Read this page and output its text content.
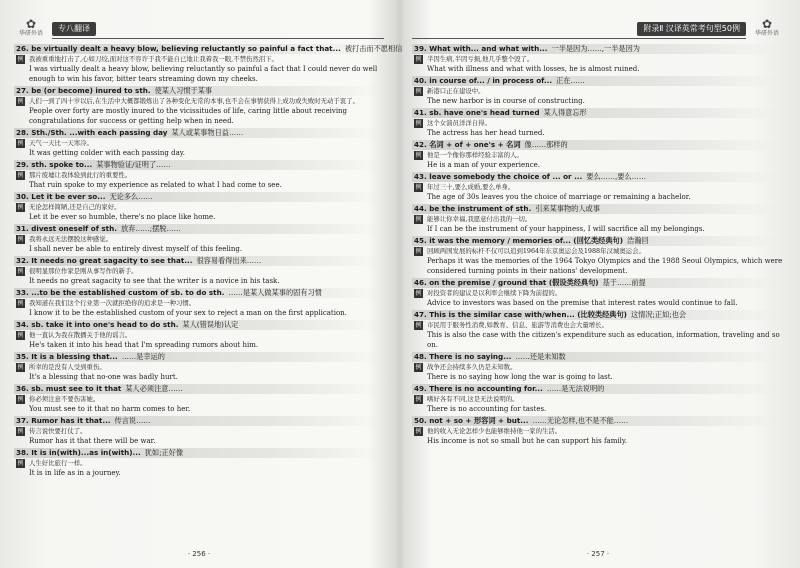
✿
华研外语
专八翻译
26. be virtually dealt a heavy blow, believing reluctantly so painful a fact that... 被打击而不愿相信
例 我被重重地打击了,心如刀绞,面对这不容许于我不能自已地让我着我一眼,不禁伤然泪下。
I was virtually dealt a heavy blow, believing reluctantly so painful a fact that I could never do well enough to win his favor, bitter tears streaming down my cheeks.
27. be (or become) inured to sth. 使某人习惯于某事
例 人们一到了四十岁以后,在生活中大概都锻炼出了各种变化无常的本事,也不会在事情获得上成功或失败时无动于衷了。
People over forty are mostly inured to the vicissitudes of life, caring little about receiving congratulations for success or getting help when in need.
28. Sth./Sth. ...with each passing day 某人或某事物日益……
例 天气一天比一天寒冷。
It was getting colder with each passing day.
29. sth. spoke to... 某事物验证/证明了……
例 那片废墟让我体验到此行的重要性。
That ruin spoke to my experience as related to what I had come to see.
30. Let it be ever so... 无论多么……
例 无论怎样简陋,还是自己的家好。
Let it be ever so humble, there's no place like home.
31. divest oneself of sth. 放弃……;摆脱……
例 我将永远无法摆脱这种感觉。
I shall never be able to entirely divest myself of this feeling.
32. It needs no great sagacity to see that... 很容易看得出来……
例 很明显那位作家是刚从事写作的新手。
It needs no great sagacity to see that the writer is a novice in his task.
33. ...to be the established custom of sb. to do sth. ……是某人做某事的固有习惯
例 我知道在我们这个行业第一次就拒绝你的追求是一种习惯。
I know it to be the established custom of your sex to reject a man on the first application.
34. sb. take it into one's head to do sth. 某人(错误地)认定
例 他一直认为我在散播关于他的谣言。
He's taken it into his head that I'm spreading rumors about him.
35. It is a blessing that... ……是幸运的
例 所幸的是没有人受到重伤。
It's a blessing that no-one was badly hurt.
36. sb. must see to it that 某人必须注意……
例 你必须注意不要伤害她。
You must see to it that no harm comes to her.
37. Rumor has it that... 传言说……
例 传言说快要打仗了。
Rumor has it that there will be war.
38. It is in(with)...as in(with)... 犹如;正好像
例 人生好比旅行一样。
It is in life as in a journey.
· 256 ·
✿
华研外语
附录Ⅱ 汉译英常考句型50例
39. What with... and what with... 一半是因为……,一半是因为
例 半因生病,半因亏损,他几乎整个毁了。
What with illness and what with losses, he is almost ruined.
40. in course of... / in process of... 正在……
例 新港口正在建设中。
The new harbor is in course of constructing.
41. sb. have one's head turned 某人得意忘形
例 这个女演员洋洋自得。
The actress has her head turned.
42. 名词 + of + one's + 名词 像……那样的
例 他是一个像你那样经验丰富的人。
He is a man of your experience.
43. leave somebody the choice of ... or ... 要么……,要么……
例 年过三十,要么成婚,要么单身。
The age of 30s leaves you the choice of marriage or remaining a bachelor.
44. be the instrument of sth. 引来某事物的人或事
例 能够让你幸福,我愿意付出我的一切。
If I can be the instrument of your happiness, I will sacrifice all my belongings.
45. it was the memory / memories of... (回忆类经典句) 浩瀚回
例 回顾两国发展的标杆不仅可以追到1964年东京奥运会及1988年汉城奥运会。
Perhaps it was the memories of the 1964 Tokyo Olympics and the 1988 Seoul Olympics, which were considered turning points in their nations' development.
46. on the premise / ground that (假设类经典句) 基于……前提
例 对投资者的建议是以利率会继续下降为前提的。
Advice to investors was based on the premise that interest rates would continue to fall.
47. This is the similar case with/when... (比较类经典句) 这情况;正如;也会
例 市民用于服务性消费,如教育、信息、旅游等消费也会大量增长。
This is also the case with the citizen's expenditure such as education, information, traveling and so on.
48. There is no saying... ……还是未知数
例 战争还会持续多久仍是未知数。
There is no saying how long the war is going to last.
49. There is no accounting for... ……是无法说明的
例 嗜好各有不同,这是无法说明的。
There is no accounting for tastes.
50. not + so + 形容词 + but... ……无论怎样,也不是不能……
例 他的收入无论怎样少也能够维持他一家的生活。
His income is not so small but he can support his family.
· 257 ·
